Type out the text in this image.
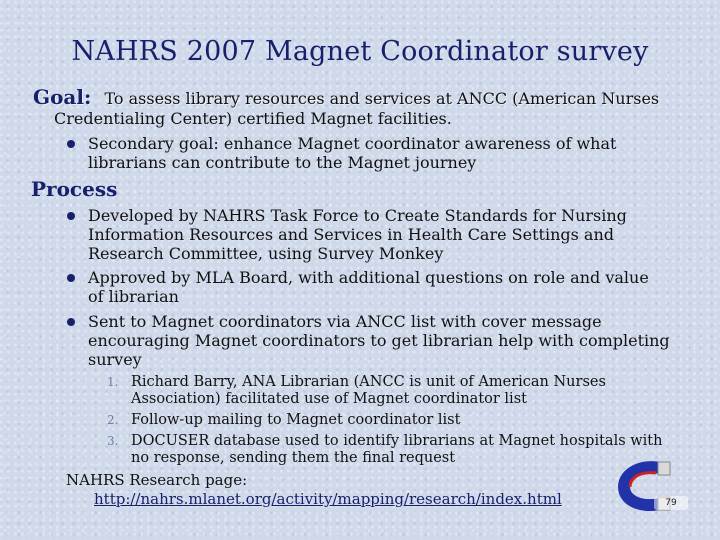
NAHRS 2007 Magnet Coordinator survey
Goal: To assess library resources and services at ANCC (American Nurses
Credentialing Center) certified Magnet facilities.
Secondary goal: enhance Magnet coordinator awareness of what
librarians can contribute to the Magnet journey
Process
Developed by NAHRS Task Force to Create Standards for Nursing
Information Resources and Services in Health Care Settings and
Research Committee, using Survey Monkey
Approved by MLA Board, with additional questions on role and value
of librarian
Sent to Magnet coordinators via ANCC list with cover message
encouraging Magnet coordinators to get librarian help with completing
survey
1. Richard Barry, ANA Librarian (ANCC is unit of American Nurses
Association) facilitated use of Magnet coordinator list
2. Follow-up mailing to Magnet coordinator list
3. DOCUSER database used to identify librarians at Magnet hospitals with
no response, sending them the final request
NAHRS Research page:
http://nahrs.mlanet.org/activity/mapping/research/index.html	79
